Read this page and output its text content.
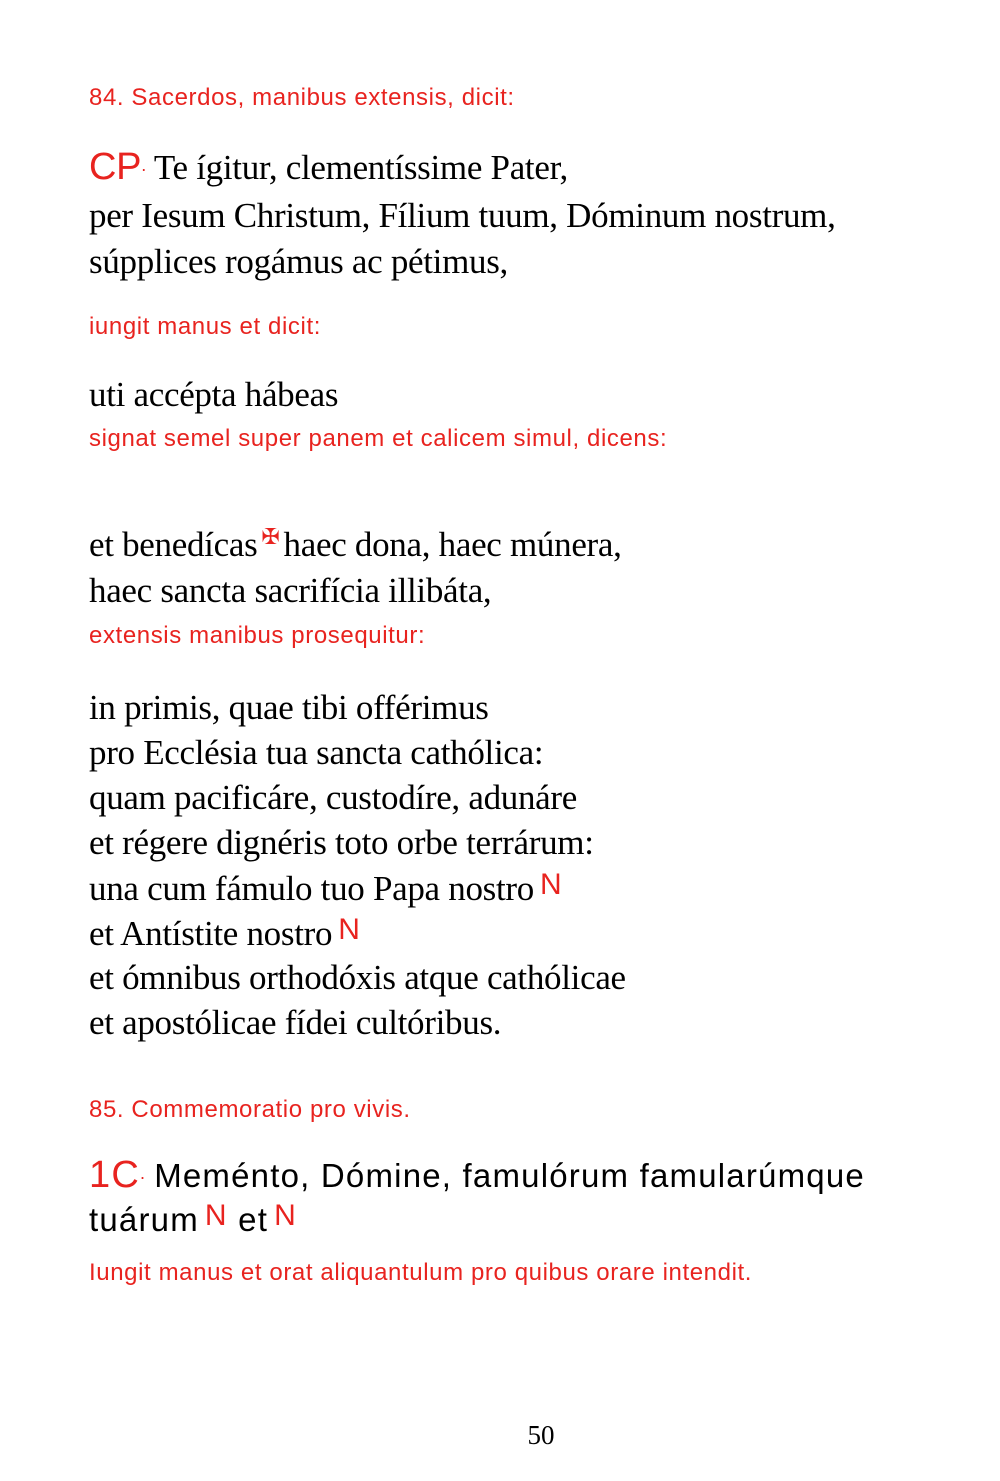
84. Sacerdos, manibus extensis, dicit:
CP. Te ígitur, clementíssime Pater,
per Iesum Christum, Fílium tuum, Dóminum nostrum,
súpplices rogámus ac pétimus,
iungit manus et dicit:
uti accépta hábeas
signat semel super panem et calicem simul, dicens:
et benedícas ✠ haec dona, haec múnera,
haec sancta sacrifícia illibáta,
extensis manibus prosequitur:
in primis, quae tibi offérimus
pro Ecclésia tua sancta cathólica:
quam pacificáre, custodíre, adunáre
et régere dignéris toto orbe terrárum:
una cum fámulo tuo Papa nostro N
et Antístite nostro N
et ómnibus orthodóxis atque cathólicae
et apostólicae fídei cultóribus.
85. Commemoratio pro vivis.
1C. Meménto, Dómine, famulórum famularúmque
tuárum N et N
Iungit manus et orat aliquantulum pro quibus orare intendit.
50
